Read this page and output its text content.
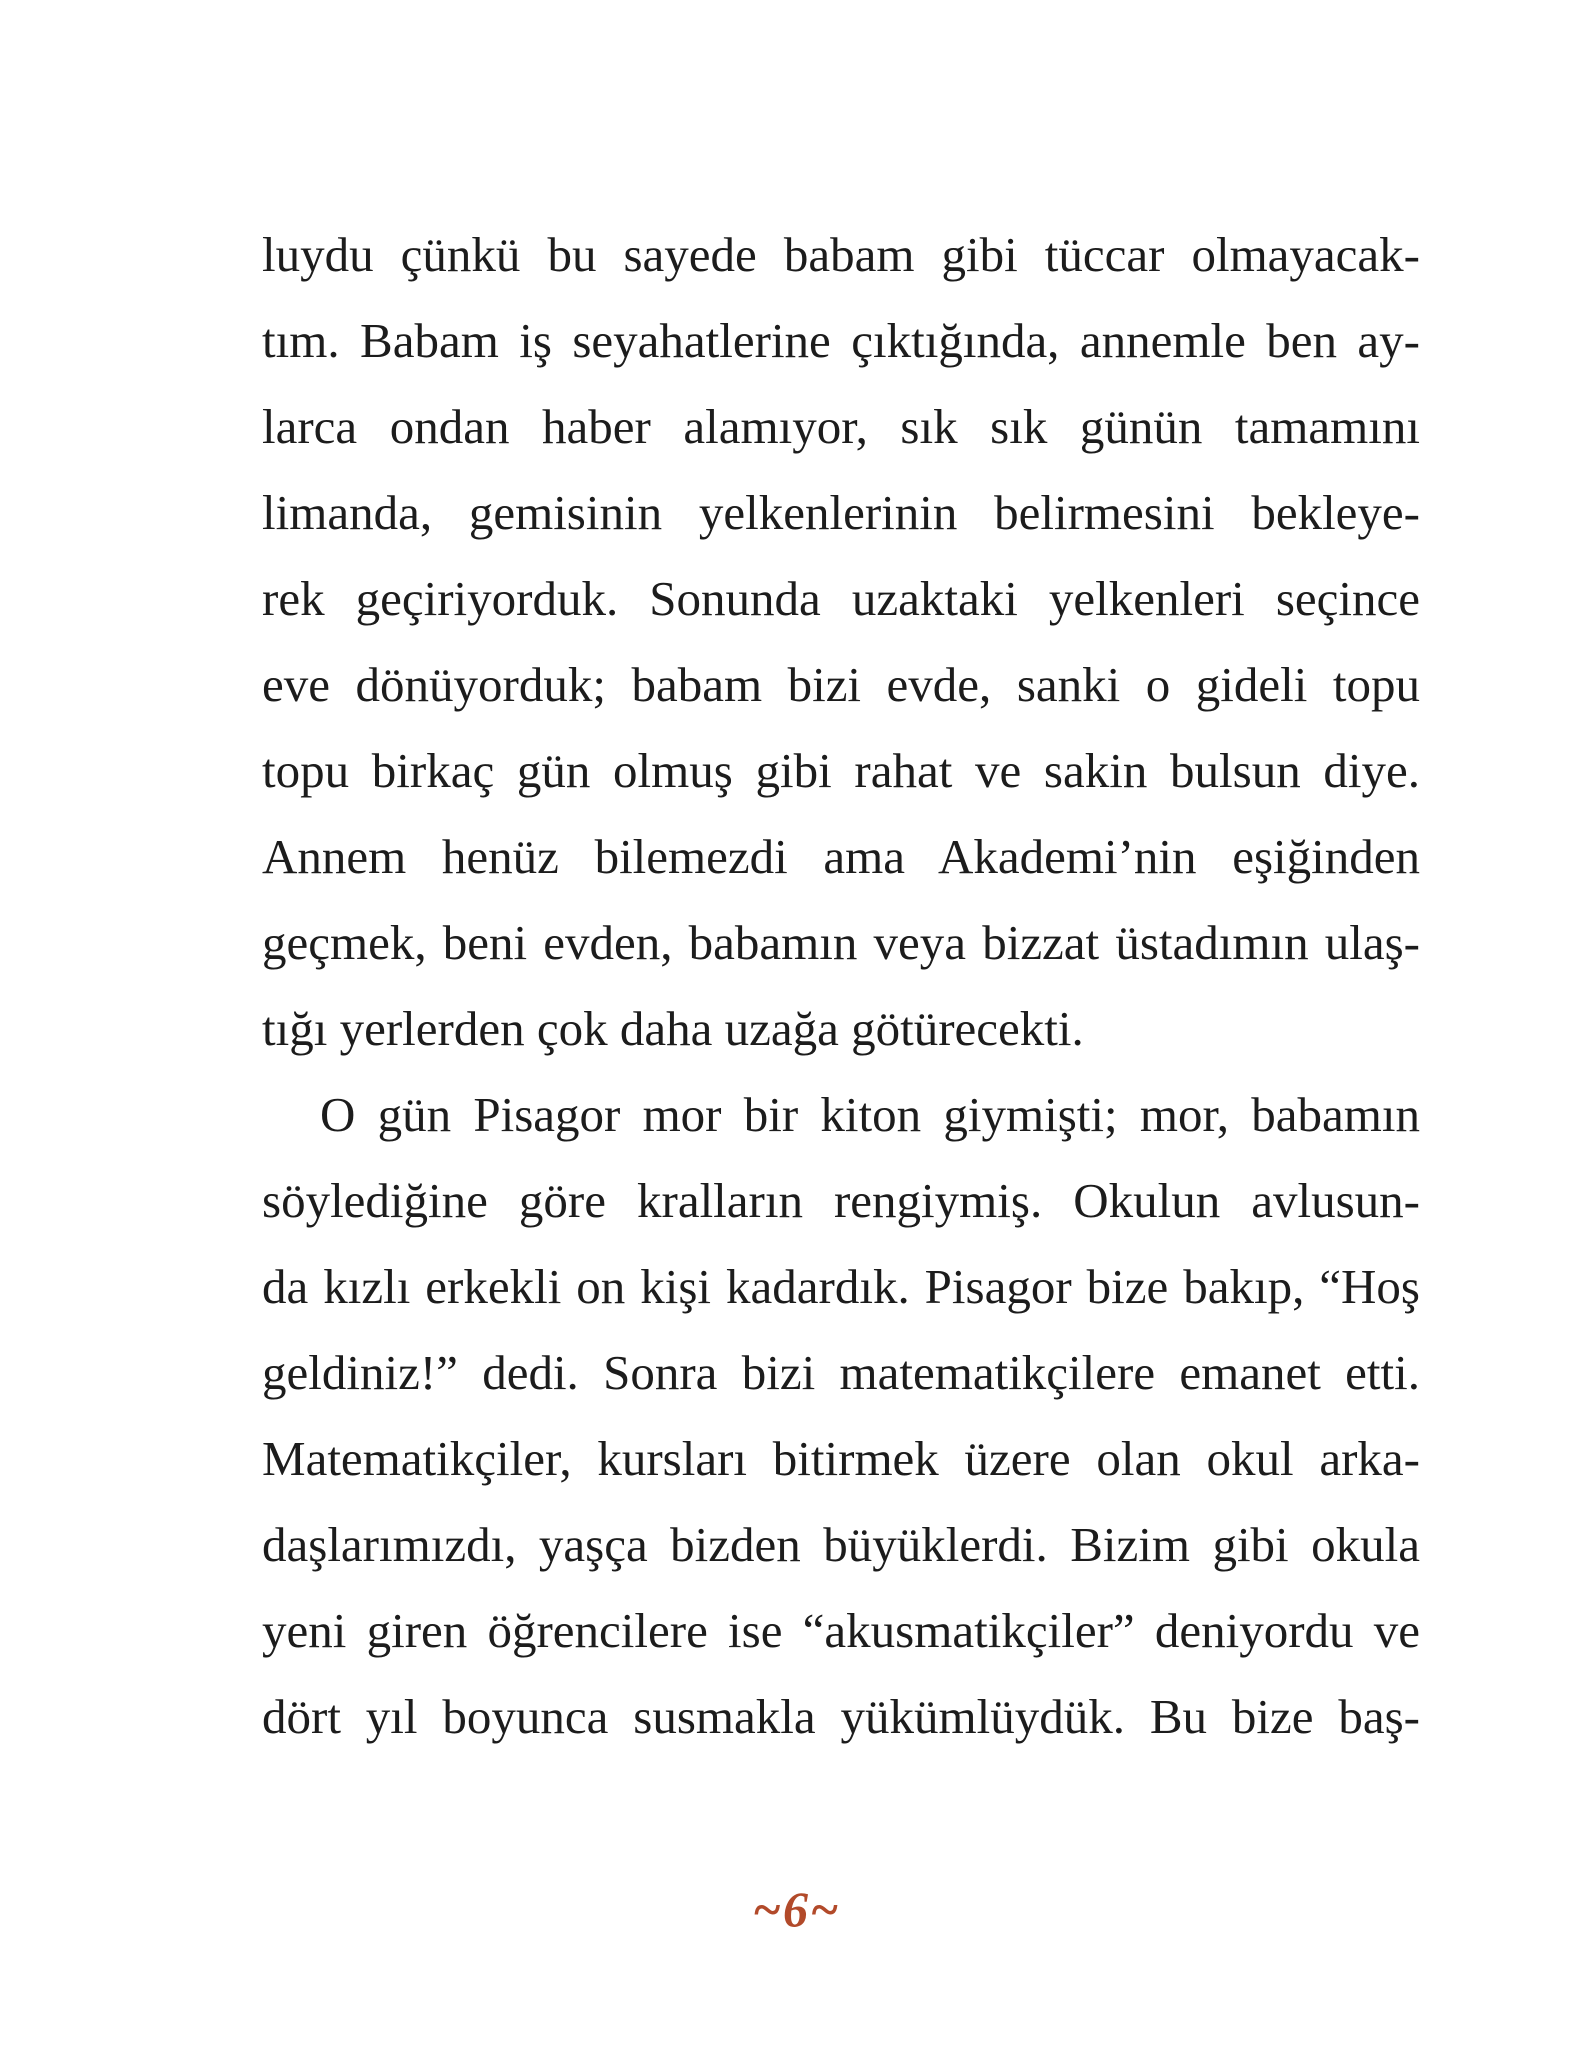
luydu çünkü bu sayede babam gibi tüccar olmayacak-
tım. Babam iş seyahatlerine çıktığında, annemle ben ay-
larca ondan haber alamıyor, sık sık günün tamamını
limanda, gemisinin yelkenlerinin belirmesini bekleye-
rek geçiriyorduk. Sonunda uzaktaki yelkenleri seçince
eve dönüyorduk; babam bizi evde, sanki o gideli topu
topu birkaç gün olmuş gibi rahat ve sakin bulsun diye.
Annem henüz bilemezdi ama Akademi’nin eşiğinden
geçmek, beni evden, babamın veya bizzat üstadımın ulaş-
tığı yerlerden çok daha uzağa götürecekti.
O gün Pisagor mor bir kiton giymişti; mor, babamın
söylediğine göre kralların rengiymiş. Okulun avlusun-
da kızlı erkekli on kişi kadardık. Pisagor bize bakıp, “Hoş
geldiniz!” dedi. Sonra bizi matematikçilere emanet etti.
Matematikçiler, kursları bitirmek üzere olan okul arka-
daşlarımızdı, yaşça bizden büyüklerdi. Bizim gibi okula
yeni giren öğrencilere ise “akusmatikçiler” deniyordu ve
dört yıl boyunca susmakla yükümlüydük. Bu bize baş-
~6~
